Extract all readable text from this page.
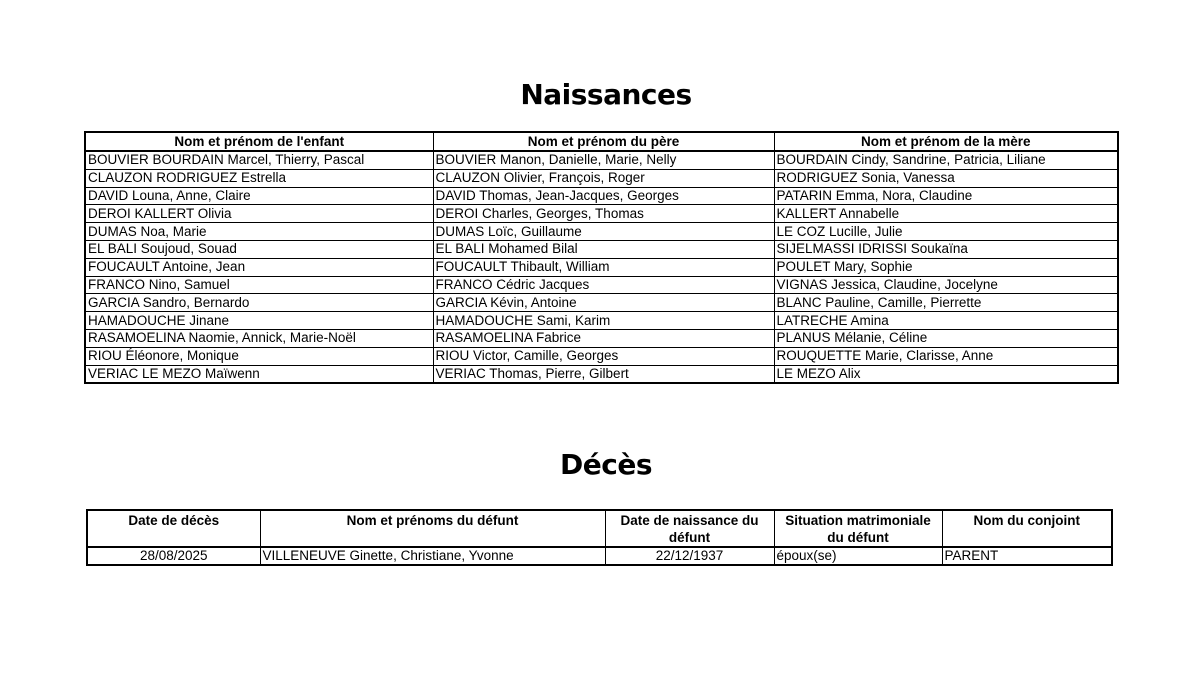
Naissances
Nom et prénom de l'enfant	Nom et prénom du père	Nom et prénom de la mère
BOUVIER BOURDAIN Marcel, Thierry, Pascal	BOUVIER Manon, Danielle, Marie, Nelly	BOURDAIN Cindy, Sandrine, Patricia, Liliane
CLAUZON RODRIGUEZ Estrella	CLAUZON Olivier, François, Roger	RODRIGUEZ Sonia, Vanessa
DAVID Louna, Anne, Claire	DAVID Thomas, Jean-Jacques, Georges	PATARIN Emma, Nora, Claudine
DEROI KALLERT Olivia	DEROI Charles, Georges, Thomas	KALLERT Annabelle
DUMAS Noa, Marie	DUMAS Loïc, Guillaume	LE COZ Lucille, Julie
EL BALI Soujoud, Souad	EL BALI Mohamed Bilal	SIJELMASSI IDRISSI Soukaïna
FOUCAULT Antoine, Jean	FOUCAULT Thibault, William	POULET Mary, Sophie
FRANCO Nino, Samuel	FRANCO Cédric Jacques	VIGNAS Jessica, Claudine, Jocelyne
GARCIA Sandro, Bernardo	GARCIA Kévin, Antoine	BLANC Pauline, Camille, Pierrette
HAMADOUCHE Jinane	HAMADOUCHE Sami, Karim	LATRECHE Amina
RASAMOELINA Naomie, Annick, Marie-Noël	RASAMOELINA Fabrice	PLANUS Mélanie, Céline
RIOU Éléonore, Monique	RIOU Victor, Camille, Georges	ROUQUETTE Marie, Clarisse, Anne
VERIAC LE MEZO Maïwenn	VERIAC Thomas, Pierre, Gilbert	LE MEZO Alix
Décès
Date de décès	Nom et prénoms du défunt	Date de naissance du défunt	Situation matrimoniale du défunt	Nom du conjoint
28/08/2025	VILLENEUVE Ginette, Christiane, Yvonne	22/12/1937	époux(se)	PARENT
